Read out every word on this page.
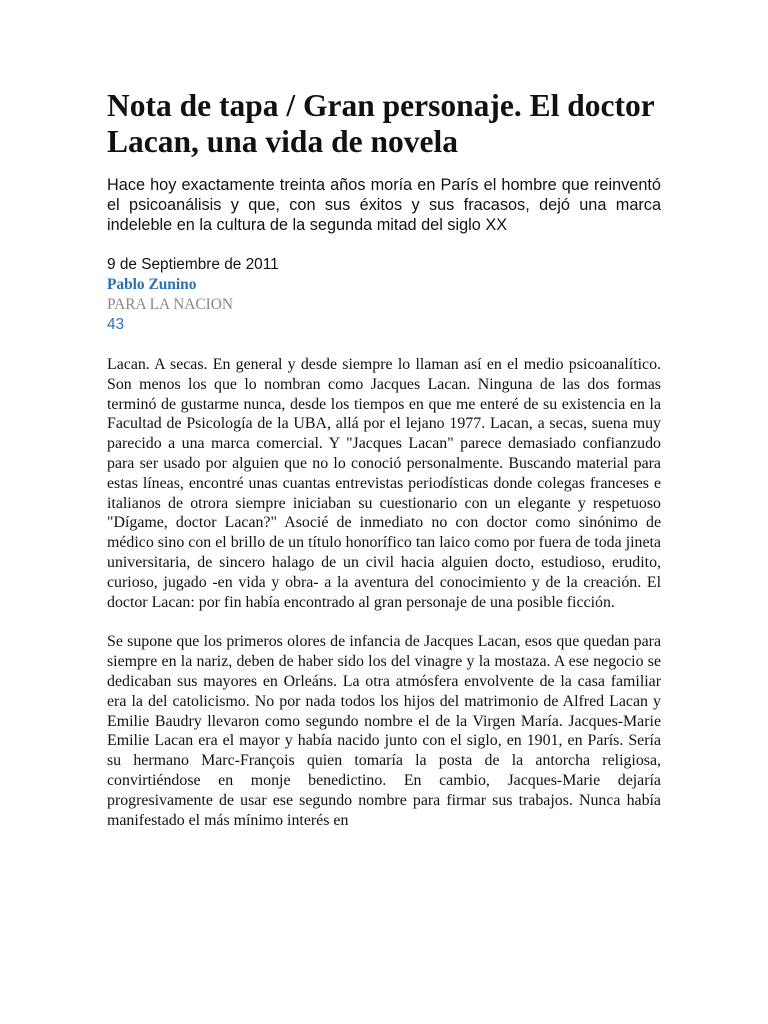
Nota de tapa / Gran personaje. El doctor Lacan, una vida de novela

Hace hoy exactamente treinta años moría en París el hombre que reinventó el psicoanálisis y que, con sus éxitos y sus fracasos, dejó una marca indeleble en la cultura de la segunda mitad del siglo XX

9 de Septiembre de 2011

Pablo Zunino

PARA LA NACION

43

Lacan. A secas. En general y desde siempre lo llaman así en el medio psicoanalítico. Son menos los que lo nombran como Jacques Lacan. Ninguna de las dos formas terminó de gustarme nunca, desde los tiempos en que me enteré de su existencia en la Facultad de Psicología de la UBA, allá por el lejano 1977. Lacan, a secas, suena muy parecido a una marca comercial. Y "Jacques Lacan" parece demasiado confianzudo para ser usado por alguien que no lo conoció personalmente. Buscando material para estas líneas, encontré unas cuantas entrevistas periodísticas donde colegas franceses e italianos de otrora siempre iniciaban su cuestionario con un elegante y respetuoso "Dígame, doctor Lacan?" Asocié de inmediato no con doctor como sinónimo de médico sino con el brillo de un título honorífico tan laico como por fuera de toda jineta universitaria, de sincero halago de un civil hacia alguien docto, estudioso, erudito, curioso, jugado -en vida y obra- a la aventura del conocimiento y de la creación. El doctor Lacan: por fin había encontrado al gran personaje de una posible ficción.

Se supone que los primeros olores de infancia de Jacques Lacan, esos que quedan para siempre en la nariz, deben de haber sido los del vinagre y la mostaza. A ese negocio se dedicaban sus mayores en Orleáns. La otra atmósfera envolvente de la casa familiar era la del catolicismo. No por nada todos los hijos del matrimonio de Alfred Lacan y Emilie Baudry llevaron como segundo nombre el de la Virgen María. Jacques-Marie Emilie Lacan era el mayor y había nacido junto con el siglo, en 1901, en París. Sería su hermano Marc-François quien tomaría la posta de la antorcha religiosa, convirtiéndose en monje benedictino. En cambio, Jacques-Marie dejaría progresivamente de usar ese segundo nombre para firmar sus trabajos. Nunca había manifestado el más mínimo interés en
